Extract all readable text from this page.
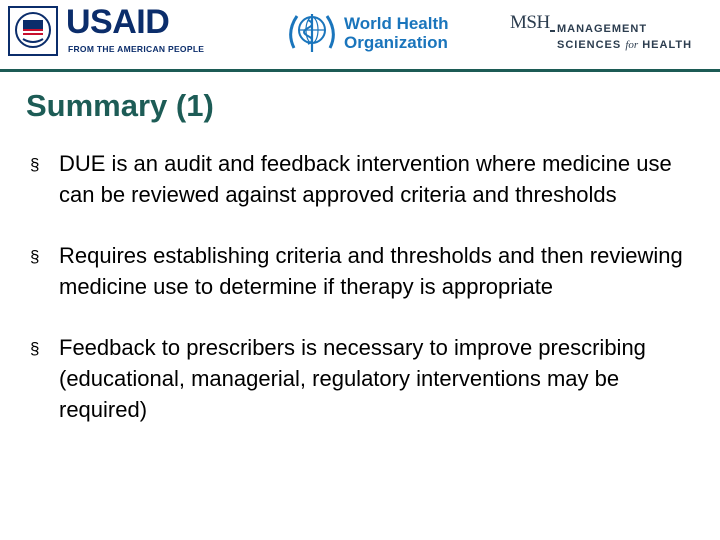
USAID
FROM THE AMERICAN PEOPLE
World Health
Organization
MSH MANAGEMENT
SCIENCES for HEALTH
Summary (1)
§ DUE is an audit and feedback intervention where medicine use can be reviewed against approved criteria and thresholds
§ Requires establishing criteria and thresholds and then reviewing medicine use to determine if therapy is appropriate
§ Feedback to prescribers is necessary to improve prescribing (educational, managerial, regulatory interventions may be required)
